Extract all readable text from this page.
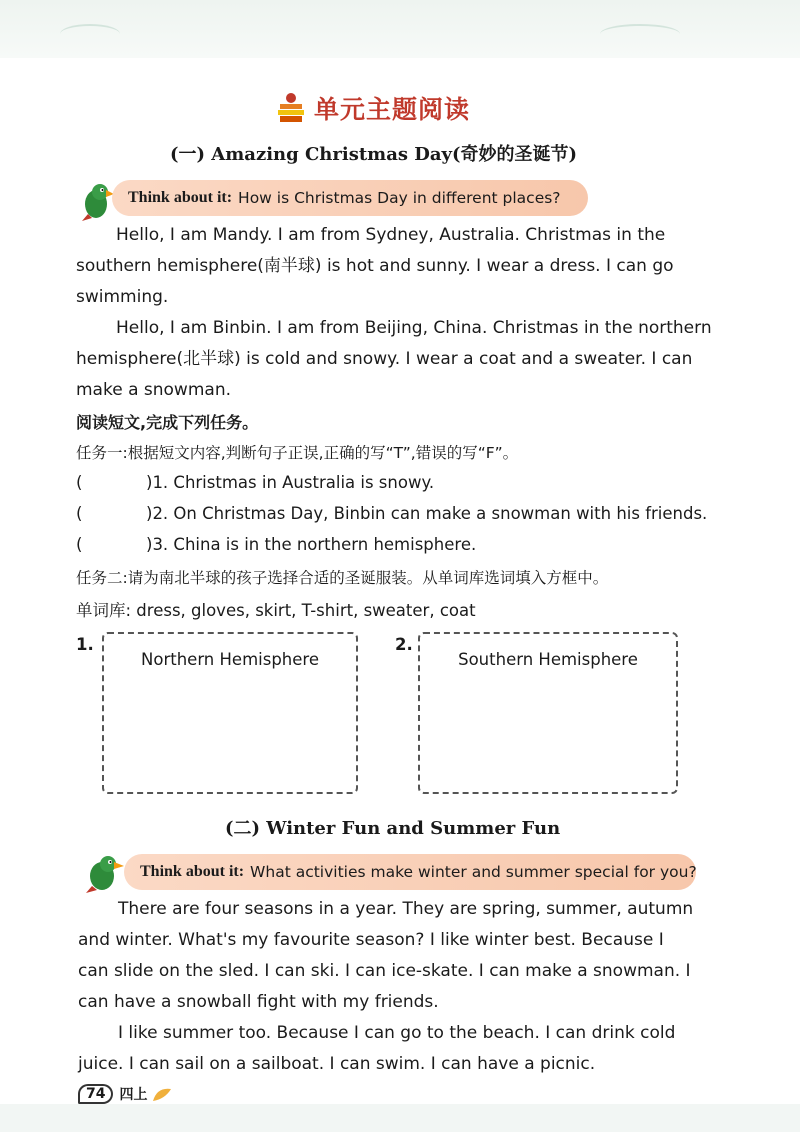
单元主题阅读
(一) Amazing Christmas Day(奇妙的圣诞节)
Think about it: How is Christmas Day in different places?

Hello, I am Mandy. I am from Sydney, Australia. Christmas in the southern hemisphere(南半球) is hot and sunny. I wear a dress. I can go swimming.

Hello, I am Binbin. I am from Beijing, China. Christmas in the northern hemisphere(北半球) is cold and snowy. I wear a coat and a sweater. I can make a snowman.

阅读短文,完成下列任务。
任务一:根据短文内容,判断句子正误,正确的写“T”,错误的写“F”。
(	)1. Christmas in Australia is snowy.
(	)2. On Christmas Day, Binbin can make a snowman with his friends.
(	)3. China is in the northern hemisphere.
任务二:请为南北半球的孩子选择合适的圣诞服装。从单词库选词填入方框中。
单词库: dress, gloves, skirt, T-shirt, sweater, coat
1.
Northern Hemisphere
2.
Southern Hemisphere
(二) Winter Fun and Summer Fun
Think about it: What activities make winter and summer special for you?

There are four seasons in a year. They are spring, summer, autumn and winter. What's my favourite season? I like winter best. Because I can slide on the sled. I can ski. I can ice-skate. I can make a snowman. I can have a snowball fight with my friends.

I like summer too. Because I can go to the beach. I can drink cold juice. I can sail on a sailboat. I can swim. I can have a picnic.

74	四上
